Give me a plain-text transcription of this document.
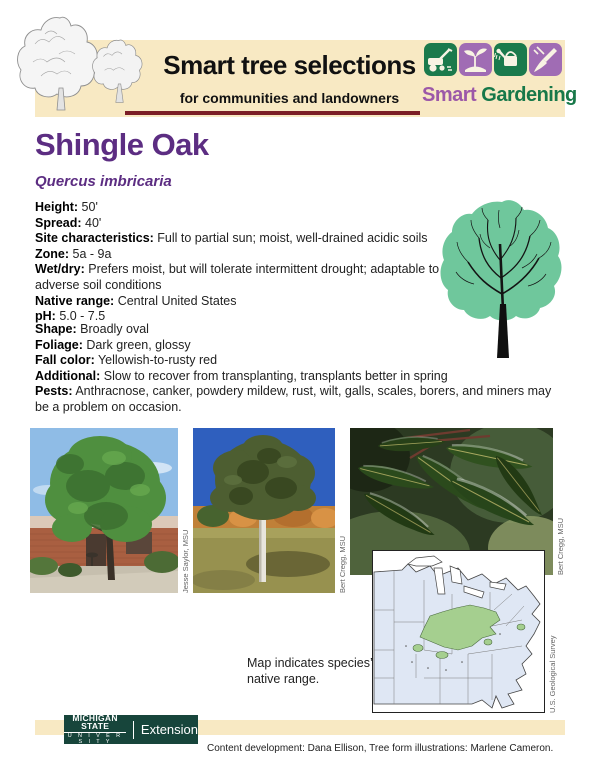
Smart tree selections
for communities and landowners	Smart Gardening
Shingle Oak
Quercus imbricaria

Height: 50'

Spread: 40'

Site characteristics: Full to partial sun; moist, well-drained acidic soils

Zone: 5a - 9a

Wet/dry: Prefers moist, but will tolerate intermittent drought; adaptable to adverse soil conditions

Native range: Central United States

pH: 5.0 - 7.5

Shape: Broadly oval

Foliage: Dark green, glossy

Fall color: Yellowish-to-rusty red

Additional: Slow to recover from transplanting, transplants better in spring

Pests: Anthracnose, canker, powdery mildew, rust, wilt, galls, scales, borers, and miners may be a problem on occasion.

Jesse Saylor, MSU	Bert Cregg, MSU	Bert Cregg, MSU
Map indicates species’ native range.	U.S. Geological Survey
MICHIGAN STATE
U N I V E R S I T Y
Extension
Content development: Dana Ellison, Tree form illustrations: Marlene Cameron.
